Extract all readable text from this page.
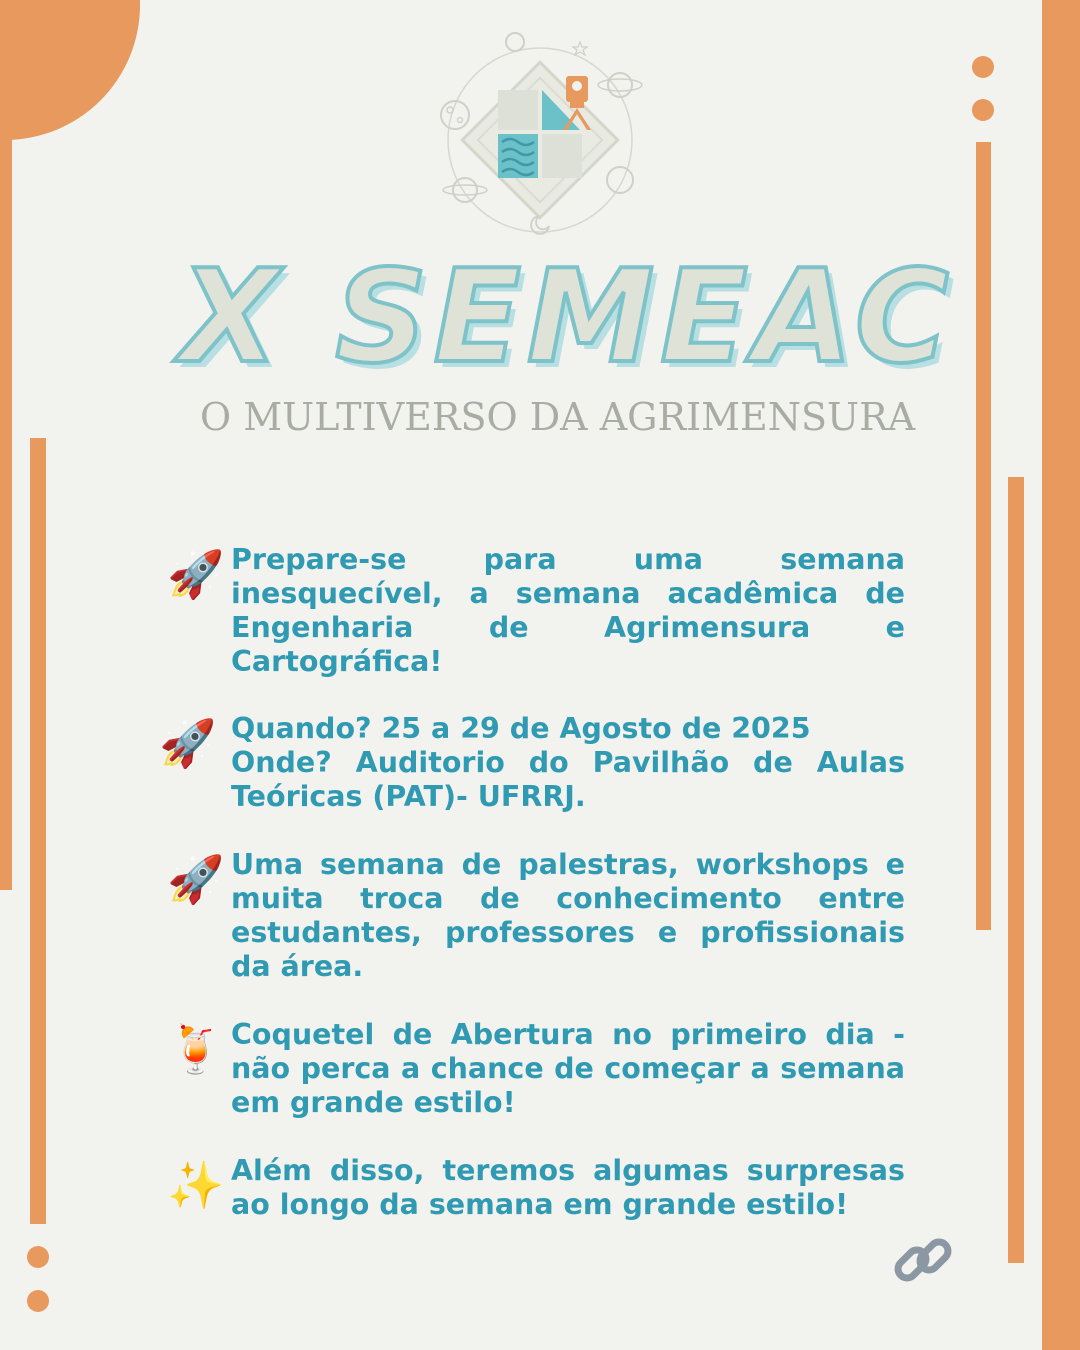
X SEMEAC
O MULTIVERSO DA AGRIMENSURA
🚀 Prepare-se para uma semana inesquecível, a semana acadêmica de Engenharia de Agrimensura e Cartográfica!
🚀 Quando? 25 a 29 de Agosto de 2025
Onde? Auditorio do Pavilhão de Aulas Teóricas (PAT)- UFRRJ.
🚀 Uma semana de palestras, workshops e muita troca de conhecimento entre estudantes, professores e profissionais da área.
🍹 Coquetel de Abertura no primeiro dia - não perca a chance de começar a semana em grande estilo!
✨ Além disso, teremos algumas surpresas ao longo da semana em grande estilo!
